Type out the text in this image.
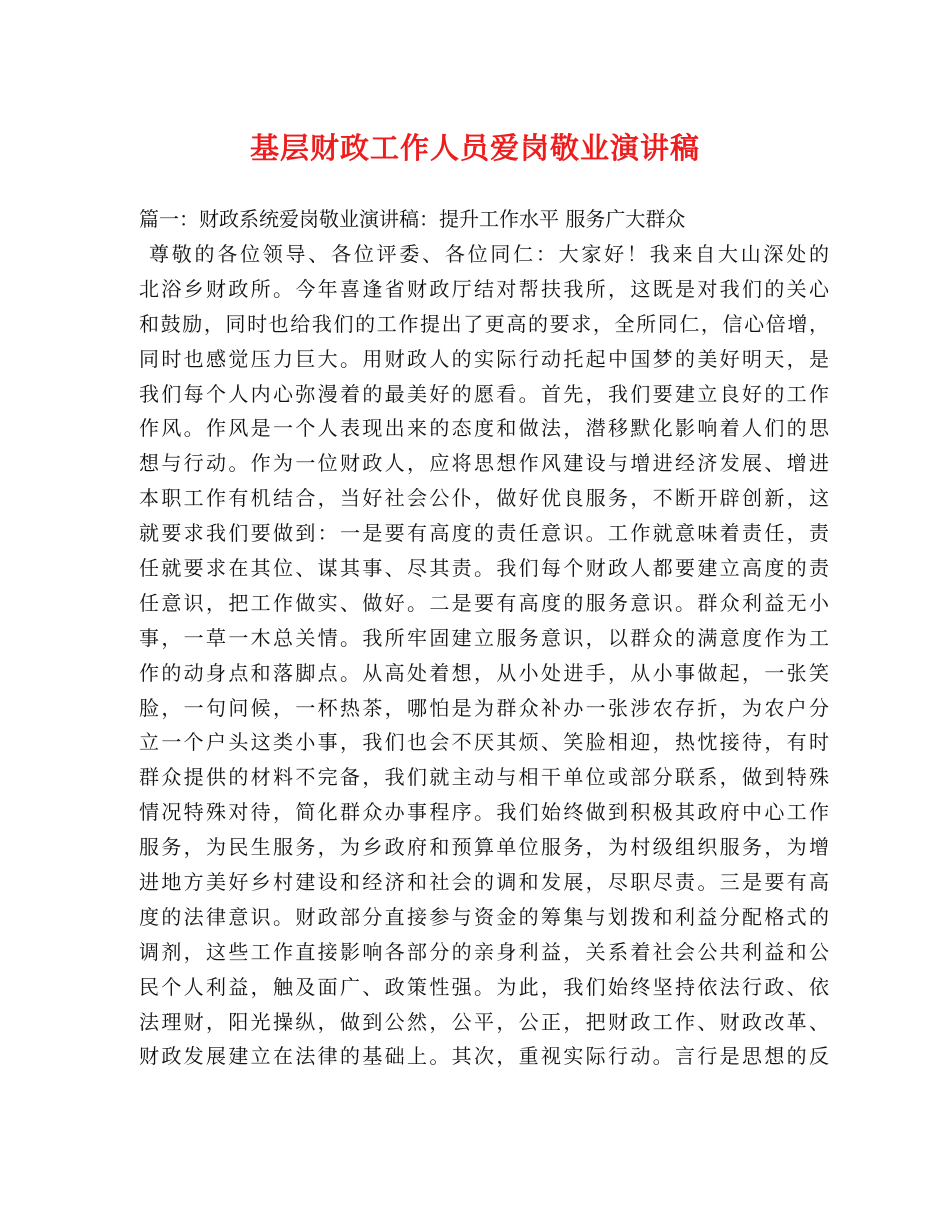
基层财政工作人员爱岗敬业演讲稿
篇一：财政系统爱岗敬业演讲稿：提升工作水平 服务广大群众
尊敬的各位领导、各位评委、各位同仁：大家好！我来自大山深处的
北浴乡财政所。今年喜逢省财政厅结对帮扶我所，这既是对我们的关心
和鼓励，同时也给我们的工作提出了更高的要求，全所同仁，信心倍增，
同时也感觉压力巨大。用财政人的实际行动托起中国梦的美好明天，是
我们每个人内心弥漫着的最美好的愿看。首先，我们要建立良好的工作
作风。作风是一个人表现出来的态度和做法，潜移默化影响着人们的思
想与行动。作为一位财政人，应将思想作风建设与增进经济发展、增进
本职工作有机结合，当好社会公仆，做好优良服务，不断开辟创新，这
就要求我们要做到：一是要有高度的责任意识。工作就意味着责任，责
任就要求在其位、谋其事、尽其责。我们每个财政人都要建立高度的责
任意识，把工作做实、做好。二是要有高度的服务意识。群众利益无小
事，一草一木总关情。我所牢固建立服务意识，以群众的满意度作为工
作的动身点和落脚点。从高处着想，从小处进手，从小事做起，一张笑
脸，一句问候，一杯热茶，哪怕是为群众补办一张涉农存折，为农户分
立一个户头这类小事，我们也会不厌其烦、笑脸相迎，热忱接待，有时
群众提供的材料不完备，我们就主动与相干单位或部分联系，做到特殊
情况特殊对待，简化群众办事程序。我们始终做到积极其政府中心工作
服务，为民生服务，为乡政府和预算单位服务，为村级组织服务，为增
进地方美好乡村建设和经济和社会的调和发展，尽职尽责。三是要有高
度的法律意识。财政部分直接参与资金的筹集与划拨和利益分配格式的
调剂，这些工作直接影响各部分的亲身利益，关系着社会公共利益和公
民个人利益，触及面广、政策性强。为此，我们始终坚持依法行政、依
法理财，阳光操纵，做到公然，公平，公正，把财政工作、财政改革、
财政发展建立在法律的基础上。其次，重视实际行动。言行是思想的反
